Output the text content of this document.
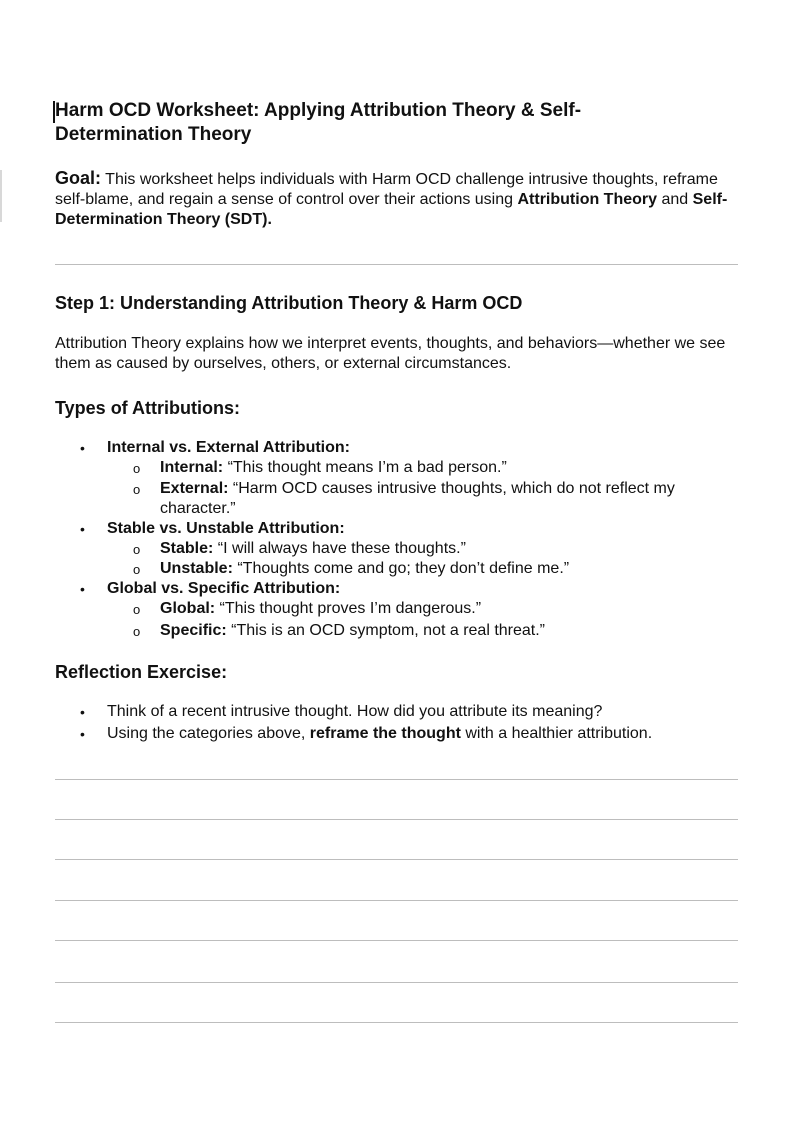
Harm OCD Worksheet: Applying Attribution Theory & Self-Determination Theory

Goal: This worksheet helps individuals with Harm OCD challenge intrusive thoughts, reframe self-blame, and regain a sense of control over their actions using Attribution Theory and Self-Determination Theory (SDT).

Step 1: Understanding Attribution Theory & Harm OCD

Attribution Theory explains how we interpret events, thoughts, and behaviors—whether we see them as caused by ourselves, others, or external circumstances.

Types of Attributions:
• Internal vs. External Attribution:
o Internal: “This thought means I’m a bad person.”
o External: “Harm OCD causes intrusive thoughts, which do not reflect my character.”
• Stable vs. Unstable Attribution:
o Stable: “I will always have these thoughts.”
o Unstable: “Thoughts come and go; they don’t define me.”
• Global vs. Specific Attribution:
o Global: “This thought proves I’m dangerous.”
o Specific: “This is an OCD symptom, not a real threat.”
Reflection Exercise:
• Think of a recent intrusive thought. How did you attribute its meaning?
• Using the categories above, reframe the thought with a healthier attribution.
